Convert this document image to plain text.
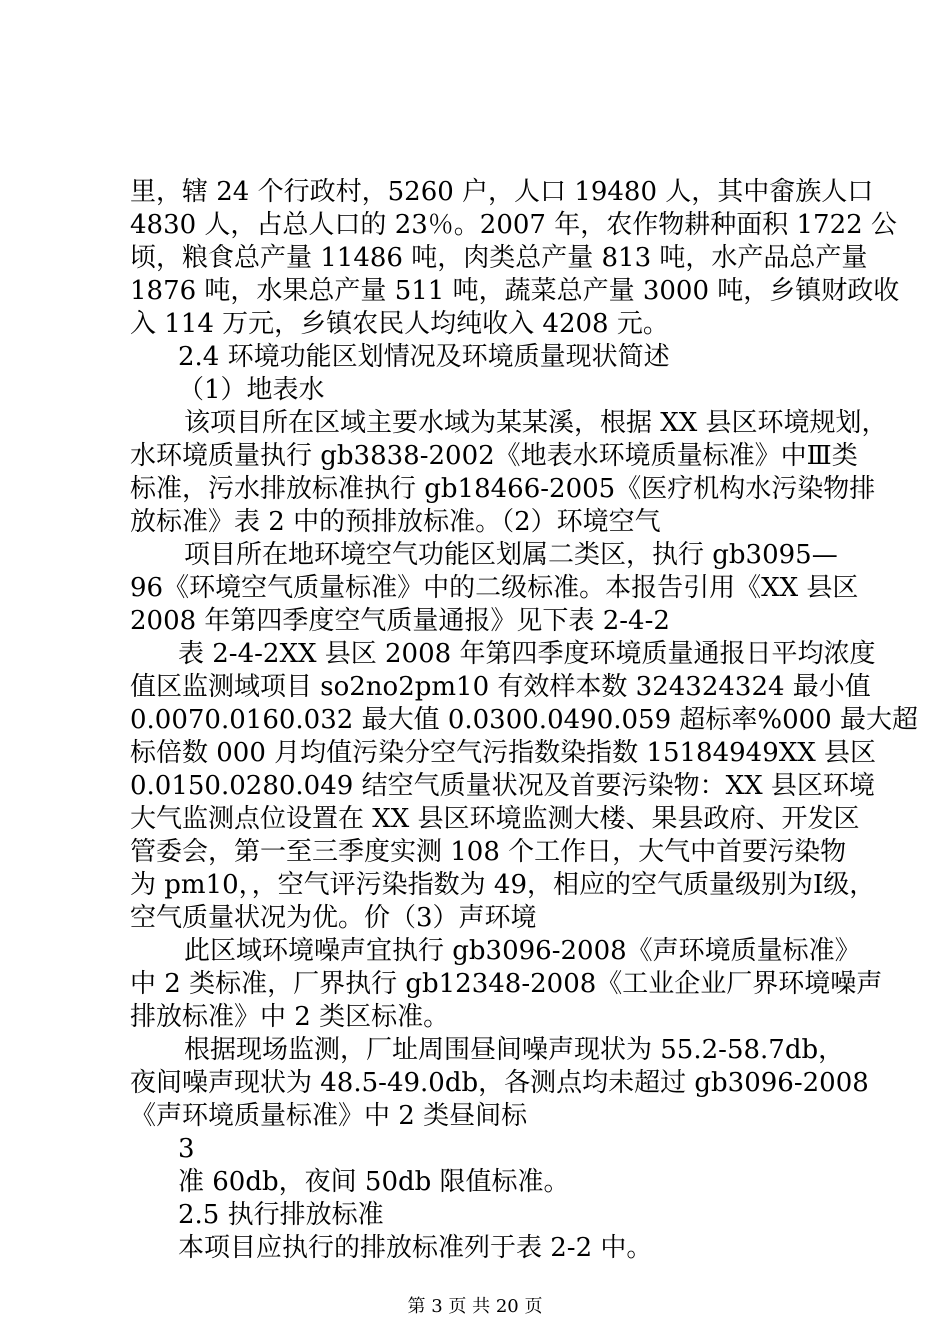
里，辖 24 个行政村，5260 户，人口 19480 人，其中畲族人口
4830 人，占总人口的 23％。2007 年，农作物耕种面积 1722 公
顷，粮食总产量 11486 吨，肉类总产量 813 吨，水产品总产量
1876 吨，水果总产量 511 吨，蔬菜总产量 3000 吨，乡镇财政收
入 114 万元，乡镇农民人均纯收入 4208 元。
2.4 环境功能区划情况及环境质量现状简述
（1）地表水
该项目所在区域主要水域为某某溪，根据 XX 县区环境规划，
水环境质量执行 gb3838-2002《地表水环境质量标准》中Ⅲ类
标准，污水排放标准执行 gb18466-2005《医疗机构水污染物排
放标准》表 2 中的预排放标准。（2）环境空气
项目所在地环境空气功能区划属二类区，执行 gb3095—
96《环境空气质量标准》中的二级标准。本报告引用《XX 县区
2008 年第四季度空气质量通报》见下表 2-4-2
表 2-4-2XX 县区 2008 年第四季度环境质量通报日平均浓度
值区监测域项目 so2no2pm10 有效样本数 324324324 最小值
0.0070.0160.032 最大值 0.0300.0490.059 超标率%000 最大超
标倍数 000 月均值污染分空气污指数染指数 15184949XX 县区
0.0150.0280.049 结空气质量状况及首要污染物：XX 县区环境
大气监测点位设置在 XX 县区环境监测大楼、果县政府、开发区
管委会，第一至三季度实测 108 个工作日，大气中首要污染物
为 pm10，，空气评污染指数为 49，相应的空气质量级别为Ⅰ级，
空气质量状况为优。价（3）声环境
此区域环境噪声宜执行 gb3096-2008《声环境质量标准》
中 2 类标准，厂界执行 gb12348-2008《工业企业厂界环境噪声
排放标准》中 2 类区标准。
根据现场监测，厂址周围昼间噪声现状为 55.2-58.7db，
夜间噪声现状为 48.5-49.0db，各测点均未超过 gb3096-2008
《声环境质量标准》中 2 类昼间标
3
准 60db，夜间 50db 限值标准。
2.5 执行排放标准
本项目应执行的排放标准列于表 2-2 中。
第 3 页 共 20 页
